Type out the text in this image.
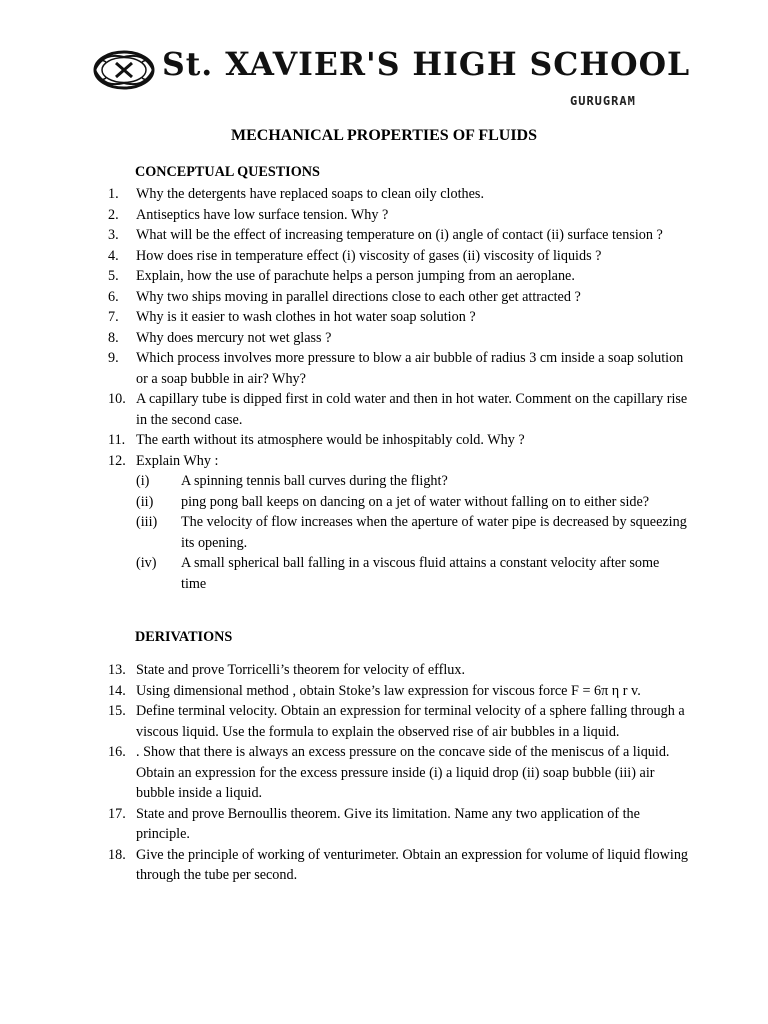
St. XAVIER'S HIGH SCHOOL
GURUGRAM
MECHANICAL PROPERTIES OF FLUIDS
CONCEPTUAL QUESTIONS
1. Why the detergents have replaced soaps to clean oily clothes.
2. Antiseptics have low surface tension. Why ?
3. What will be the effect of increasing temperature on (i) angle of contact (ii) surface tension ?
4. How does rise in temperature effect (i) viscosity of gases (ii) viscosity of liquids ?
5. Explain, how the use of parachute helps a person jumping from an aeroplane.
6. Why two ships moving in parallel directions close to each other get attracted ?
7. Why is it easier to wash clothes in hot water soap solution ?
8. Why does mercury not wet glass ?
9. Which process involves more pressure to blow a air bubble of radius 3 cm inside a soap solution or a soap bubble in air? Why?
10. A capillary tube is dipped first in cold water and then in hot water. Comment on the capillary rise in the second case.
11. The earth without its atmosphere would be inhospitably cold. Why ?
12. Explain Why :
(i) A spinning tennis ball curves during the flight?
(ii) ping pong ball keeps on dancing on a jet of water without falling on to either side?
(iii) The velocity of flow increases when the aperture of water pipe is decreased by squeezing its opening.
(iv) A small spherical ball falling in a viscous fluid attains a constant velocity after some time
DERIVATIONS
13. State and prove Torricelli’s theorem for velocity of efflux.
14. Using dimensional method , obtain Stoke’s law expression for viscous force F = 6π η r v.
15. Define terminal velocity. Obtain an expression for terminal velocity of a sphere falling through a viscous liquid. Use the formula to explain the observed rise of air bubbles in a liquid.
16. . Show that there is always an excess pressure on the concave side of the meniscus of a liquid. Obtain an expression for the excess pressure inside (i) a liquid drop (ii) soap bubble (iii) air bubble inside a liquid.
17. State and prove Bernoullis theorem. Give its limitation. Name any two application of the principle.
18. Give the principle of working of venturimeter. Obtain an expression for volume of liquid flowing through the tube per second.
